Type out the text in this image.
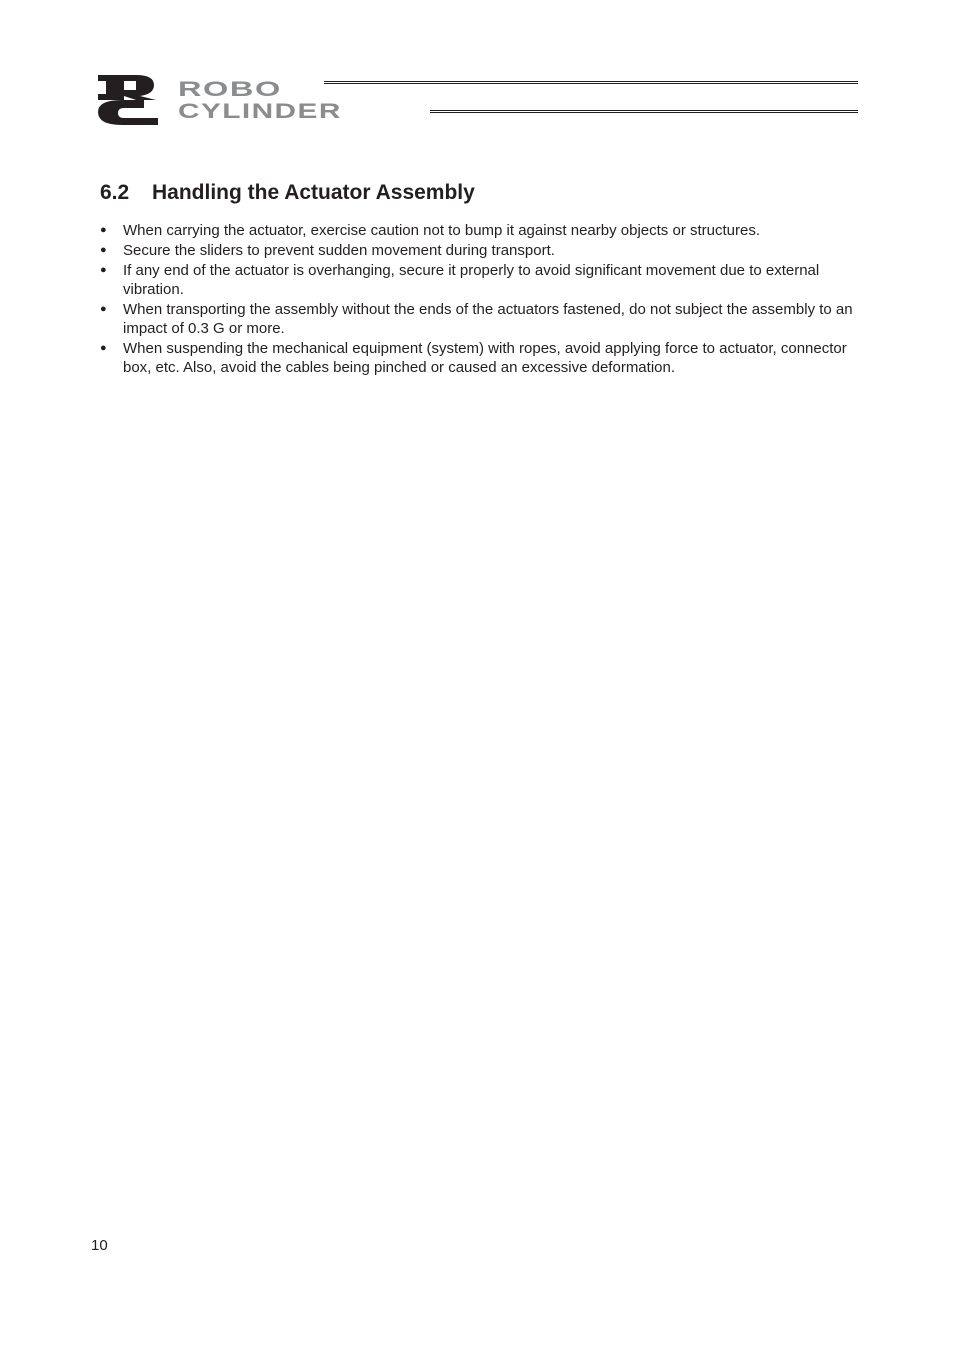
ROBO
CYLINDER
6.2 Handling the Actuator Assembly
● When carrying the actuator, exercise caution not to bump it against nearby objects or structures.
● Secure the sliders to prevent sudden movement during transport.
● If any end of the actuator is overhanging, secure it properly to avoid significant movement due to external vibration.
● When transporting the assembly without the ends of the actuators fastened, do not subject the assembly to an impact of 0.3 G or more.
● When suspending the mechanical equipment (system) with ropes, avoid applying force to actuator, connector box, etc. Also, avoid the cables being pinched or caused an excessive deformation.
10
